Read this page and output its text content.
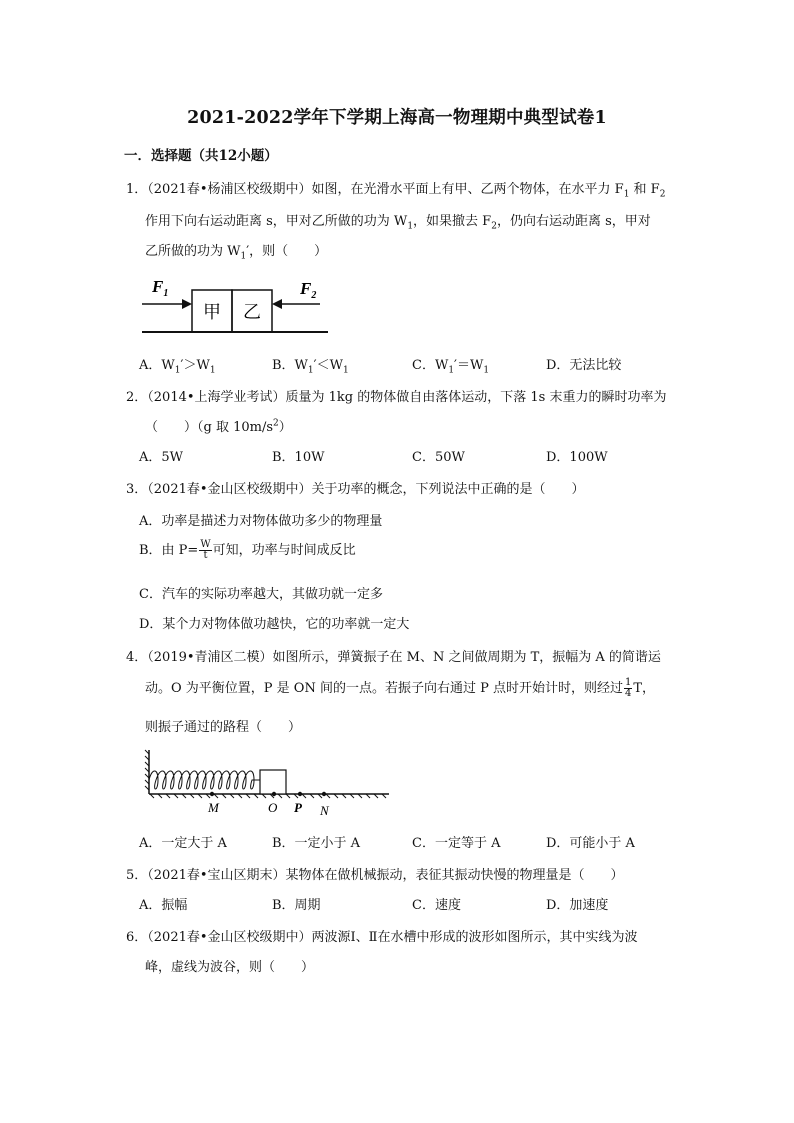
2021-2022学年下学期上海高一物理期中典型试卷1
一．选择题（共12小题）
1．（2021春•杨浦区校级期中）如图，在光滑水平面上有甲、乙两个物体，在水平力 $F_1$ 和 $F_2$
作用下向右运动距离 s，甲对乙所做的功为 $W_1$，如果撤去 $F_2$，仍向右运动距离 s，甲对
乙所做的功为 $W_1'$，则（　　）
甲 乙
$F_1$	$F_2$
A．$W_1'>W_1$	B．$W_1'<W_1$	C．$W_1'=W_1$	D．无法比较
2．（2014•上海学业考试）质量为 1kg 的物体做自由落体运动，下落 1s 末重力的瞬时功率为
（　　）（g 取 $10m/s^2$）
A．5W	B．10W	C．50W	D．100W
3．（2021春•金山区校级期中）关于功率的概念，下列说法中正确的是（　　）
A．功率是描述力对物体做功多少的物理量
B．由 $P= \frac{W}{t}$ 可知，功率与时间成反比
C．汽车的实际功率越大，其做功就一定多
D．某个力对物体做功越快，它的功率就一定大
4．（2019•青浦区二模）如图所示，弹簧振子在 M、N 之间做周期为 T，振幅为 A 的简谐运
动。O 为平衡位置，P 是 ON 间的一点。若振子向右通过 P 点时开始计时，则经过 $\frac{1}{4}$ T，
则振子通过的路程（　　）
M	O P N
A．一定大于 A	B．一定小于 A	C．一定等于 A	D．可能小于 A
5．（2021春•宝山区期末）某物体在做机械振动，表征其振动快慢的物理量是（　　）
A．振幅	B．周期	C．速度	D．加速度
6．（2021春•金山区校级期中）两波源Ⅰ、Ⅱ在水槽中形成的波形如图所示，其中实线为波
峰，虚线为波谷，则（　　）
